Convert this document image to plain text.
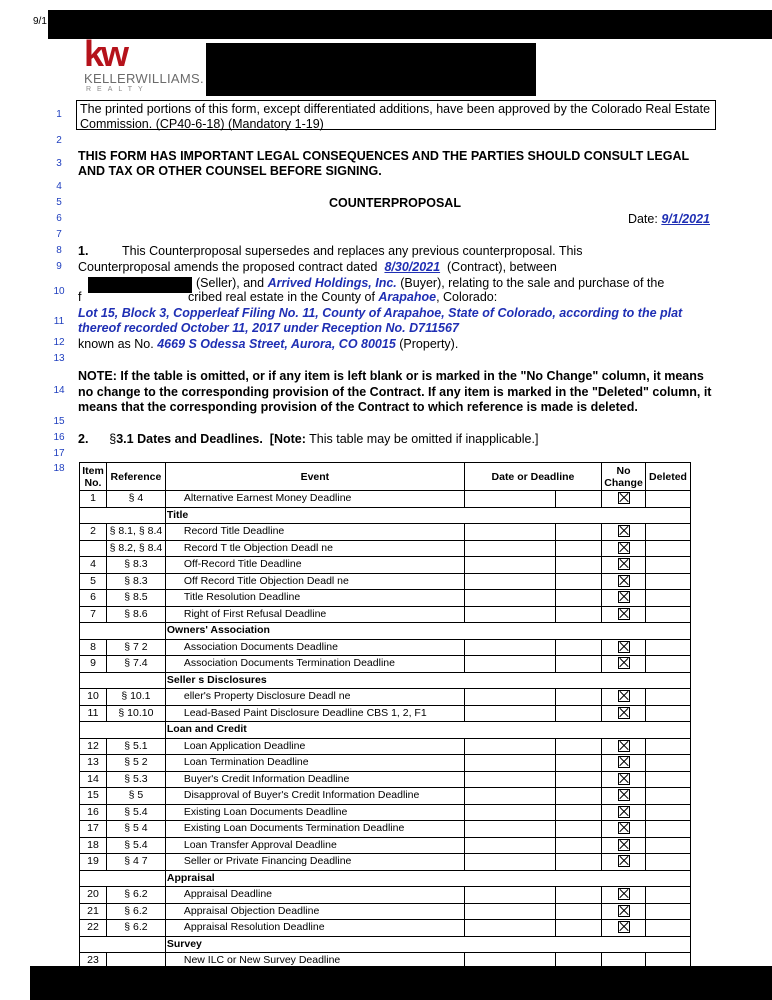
9/1
kw
KELLERWILLIAMS.
REALTY
1
2
3
4
5
6
7
8
9
10
11
12
13
14
15
16
17
18
The printed portions of this form, except differentiated additions, have been approved by the Colorado Real Estate Commission. (CP40-6-18) (Mandatory 1-19)
THIS FORM HAS IMPORTANT LEGAL CONSEQUENCES AND THE PARTIES SHOULD CONSULT LEGAL AND TAX OR OTHER COUNSEL BEFORE SIGNING.
COUNTERPROPOSAL
Date: 9/1/2021
1.	This Counterproposal supersedes and replaces any previous counterproposal. This
Counterproposal amends the proposed contract dated 8/30/2021 (Contract), between
(Seller), and Arrived Holdings, Inc. (Buyer), relating to the sale and purchase of the
f	cribed real estate in the County of Arapahoe, Colorado:
Lot 15, Block 3, Copperleaf Filing No. 11, County of Arapahoe, State of Colorado, according to the plat thereof recorded October 11, 2017 under Reception No. D711567
known as No. 4669 S Odessa Street, Aurora, CO 80015 (Property).
NOTE: If the table is omitted, or if any item is left blank or is marked in the "No Change" column, it means no change to the corresponding provision of the Contract. If any item is marked in the "Deleted" column, it means that the corresponding provision of the Contract to which reference is made is deleted.
2. §3.1 Dates and Deadlines. [Note: This table may be omitted if inapplicable.]
Item No.	Reference	Event	Date or Deadline		No Change	Deleted
1	§ 4	Alternative Earnest Money Deadline				
		Title				
2	§ 8.1, § 8.4	Record Title Deadline				
	§ 8.2, § 8.4	Record T tle Objection Deadl ne				
4	§ 8.3	Off-Record Title Deadline				
5	§ 8.3	Off Record Title Objection Deadl ne				
6	§ 8.5	Title Resolution Deadline				
7	§ 8.6	Right of First Refusal Deadline				
		Owners' Association				
8	§ 7 2	Association Documents Deadline				
9	§ 7.4	Association Documents Termination Deadline				
		Seller s Disclosures				
10	§ 10.1	eller's Property Disclosure Deadl ne				
11	§ 10.10	Lead-Based Paint Disclosure Deadline CBS 1, 2, F1				
		Loan and Credit				
12	§ 5.1	Loan Application Deadline				
13	§ 5 2	Loan Termination Deadline				
14	§ 5.3	Buyer's Credit Information Deadline				
15	§ 5	Disapproval of Buyer's Credit Information Deadline				
16	§ 5.4	Existing Loan Documents Deadline				
17	§ 5 4	Existing Loan Documents Termination Deadline				
18	§ 5.4	Loan Transfer Approval Deadline				
19	§ 4 7	Seller or Private Financing Deadline				
		Appraisal				
20	§ 6.2	Appraisal Deadline				
21	§ 6.2	Appraisal Objection Deadline				
22	§ 6.2	Appraisal Resolution Deadline				
		Survey				
23		New ILC or New Survey Deadline				
